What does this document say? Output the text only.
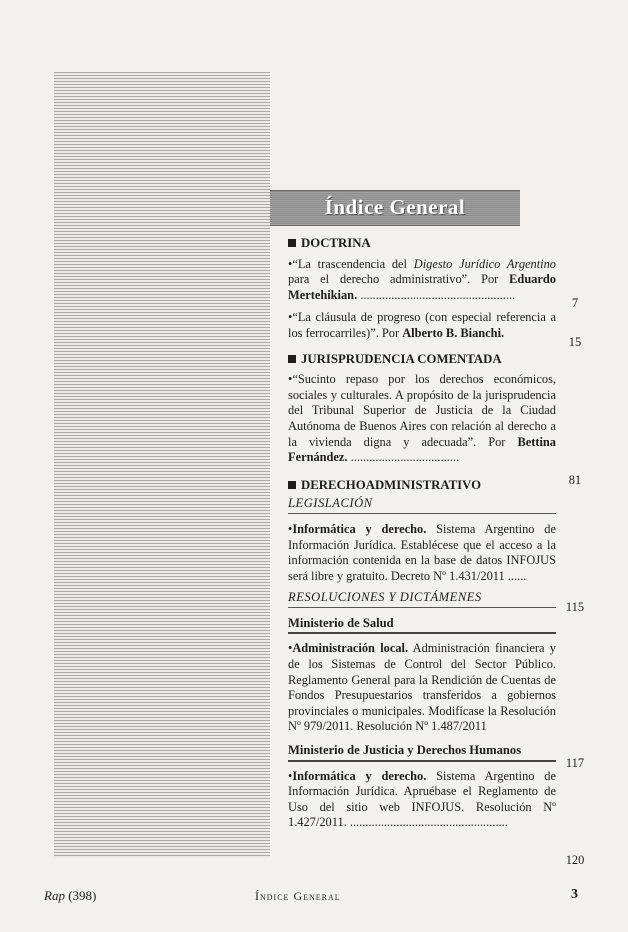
Índice General
DOCTRINA
•“La trascendencia del Digesto Jurídico Argentino para el derecho administrativo”. Por Eduardo Mertehikian. ..................................................
•“La cláusula de progreso (con especial referencia a los ferrocarriles)”. Por Alberto B. Bianchi.
JURISPRUDENCIA COMENTADA
•“Sucinto repaso por los derechos económicos, sociales y culturales. A propósito de la jurisprudencia del Tribunal Superior de Justicia de la Ciudad Autónoma de Buenos Aires con relación al derecho a la vivienda digna y adecuada”. Por Bettina Fernández. ...................................
DERECHOADMINISTRATIVO
LEGISLACIÓN
•Informática y derecho. Sistema Argentino de Información Jurídica. Establécese que el acceso a la información contenida en la base de datos INFOJUS será libre y gratuito. Decreto Nº 1.431/2011 ......
RESOLUCIONES Y DICTÁMENES
Ministerio de Salud
•Administración local. Administración financiera y de los Sistemas de Control del Sector Público. Reglamento General para la Rendición de Cuentas de Fondos Presupuestarios transferidos a gobiernos provinciales o municipales. Modifícase la Resolución Nº 979/2011. Resolución Nº 1.487/2011
Ministerio de Justicia y Derechos Humanos
•Informática y derecho. Sistema Argentino de Información Jurídica. Apruébase el Reglamento de Uso del sitio web INFOJUS. Resolución Nº 1.427/2011. ...................................................
7
15
81
115
117
120
Rap (398)	Índice General	3
